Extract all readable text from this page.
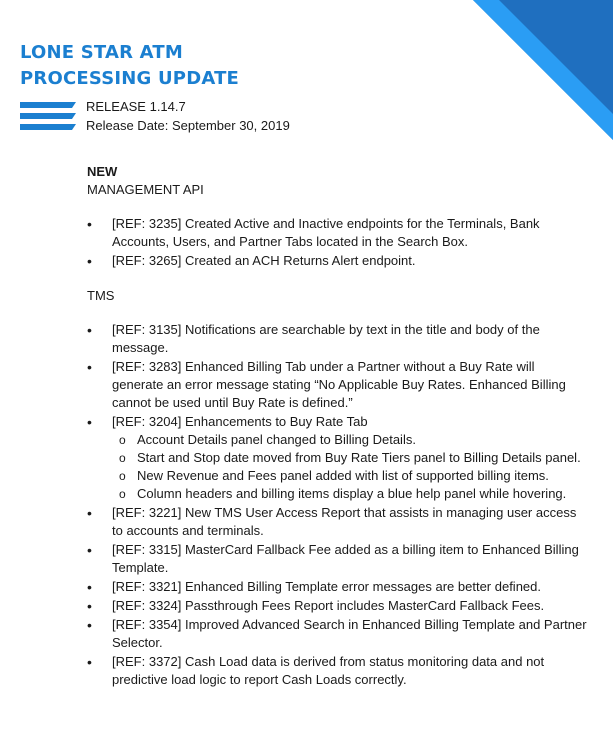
LONE STAR ATM
PROCESSING UPDATE
RELEASE 1.14.7
Release Date: September 30, 2019
NEW
MANAGEMENT API
• [REF: 3235] Created Active and Inactive endpoints for the Terminals, Bank Accounts, Users, and Partner Tabs located in the Search Box.
• [REF: 3265] Created an ACH Returns Alert endpoint.
TMS
• [REF: 3135] Notifications are searchable by text in the title and body of the message.
• [REF: 3283] Enhanced Billing Tab under a Partner without a Buy Rate will generate an error message stating “No Applicable Buy Rates. Enhanced Billing cannot be used until Buy Rate is defined.”
• [REF: 3204] Enhancements to Buy Rate Tab
o Account Details panel changed to Billing Details.
o Start and Stop date moved from Buy Rate Tiers panel to Billing Details panel.
o New Revenue and Fees panel added with list of supported billing items.
o Column headers and billing items display a blue help panel while hovering.
• [REF: 3221] New TMS User Access Report that assists in managing user access to accounts and terminals.
• [REF: 3315] MasterCard Fallback Fee added as a billing item to Enhanced Billing Template.
• [REF: 3321] Enhanced Billing Template error messages are better defined.
• [REF: 3324] Passthrough Fees Report includes MasterCard Fallback Fees.
• [REF: 3354] Improved Advanced Search in Enhanced Billing Template and Partner Selector.
• [REF: 3372] Cash Load data is derived from status monitoring data and not predictive load logic to report Cash Loads correctly.
